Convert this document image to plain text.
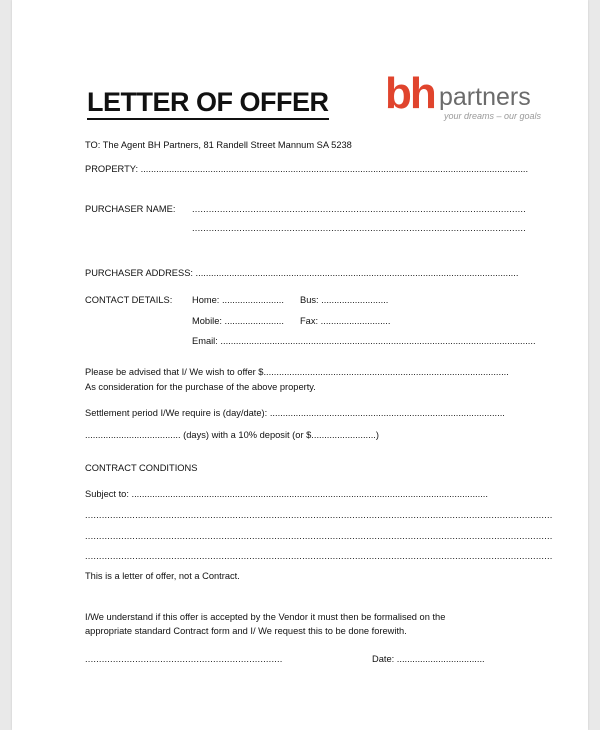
LETTER OF OFFER bh partners
your dreams – our goals
TO: The Agent BH Partners, 81 Randell Street Mannum SA 5238
PROPERTY: ......................................................................................................................................................
PURCHASER NAME: ........................................................................................................................
........................................................................................................................
PURCHASER ADDRESS: .............................................................................................................................
CONTACT DETAILS: Home: ........................ Bus: ..........................
Mobile: ....................... Fax: ...........................
Email: ..........................................................................................................................
Please be advised that I/ We wish to offer $...............................................................................................
As consideration for the purchase of the above property.
Settlement period I/We require is (day/date): ...........................................................................................
..................................... (days) with a 10% deposit (or $.........................)
CONTRACT CONDITIONS
Subject to: ..........................................................................................................................................
........................................................................................................................................................................
........................................................................................................................................................................
........................................................................................................................................................................
This is a letter of offer, not a Contract.
I/We understand if this offer is accepted by the Vendor it must then be formalised on the
appropriate standard Contract form and I/ We request this to be done forewith.
.......................................................................	Date: ..................................
